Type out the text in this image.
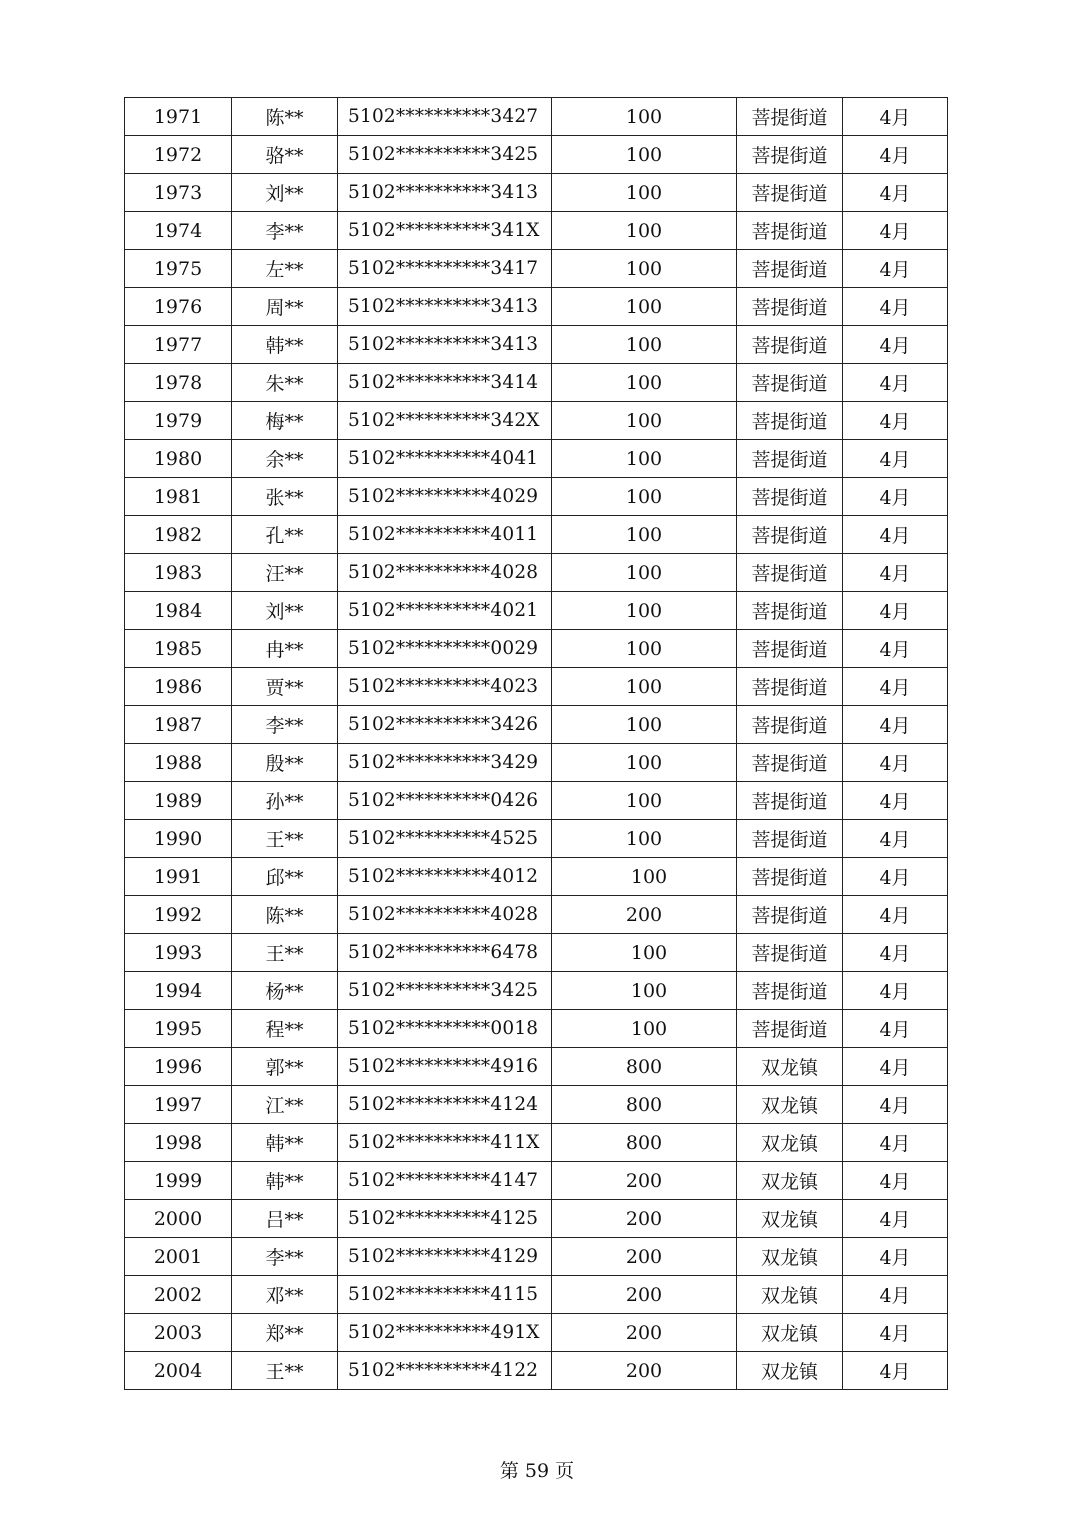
1971	陈**	5102**********3427	100	菩提街道	4月
1972	骆**	5102**********3425	100	菩提街道	4月
1973	刘**	5102**********3413	100	菩提街道	4月
1974	李**	5102**********341X	100	菩提街道	4月
1975	左**	5102**********3417	100	菩提街道	4月
1976	周**	5102**********3413	100	菩提街道	4月
1977	韩**	5102**********3413	100	菩提街道	4月
1978	朱**	5102**********3414	100	菩提街道	4月
1979	梅**	5102**********342X	100	菩提街道	4月
1980	余**	5102**********4041	100	菩提街道	4月
1981	张**	5102**********4029	100	菩提街道	4月
1982	孔**	5102**********4011	100	菩提街道	4月
1983	汪**	5102**********4028	100	菩提街道	4月
1984	刘**	5102**********4021	100	菩提街道	4月
1985	冉**	5102**********0029	100	菩提街道	4月
1986	贾**	5102**********4023	100	菩提街道	4月
1987	李**	5102**********3426	100	菩提街道	4月
1988	殷**	5102**********3429	100	菩提街道	4月
1989	孙**	5102**********0426	100	菩提街道	4月
1990	王**	5102**********4525	100	菩提街道	4月
1991	邱**	5102**********4012	100	菩提街道	4月
1992	陈**	5102**********4028	200	菩提街道	4月
1993	王**	5102**********6478	100	菩提街道	4月
1994	杨**	5102**********3425	100	菩提街道	4月
1995	程**	5102**********0018	100	菩提街道	4月
1996	郭**	5102**********4916	800	双龙镇	4月
1997	江**	5102**********4124	800	双龙镇	4月
1998	韩**	5102**********411X	800	双龙镇	4月
1999	韩**	5102**********4147	200	双龙镇	4月
2000	吕**	5102**********4125	200	双龙镇	4月
2001	李**	5102**********4129	200	双龙镇	4月
2002	邓**	5102**********4115	200	双龙镇	4月
2003	郑**	5102**********491X	200	双龙镇	4月
2004	王**	5102**********4122	200	双龙镇	4月
第 59 页
